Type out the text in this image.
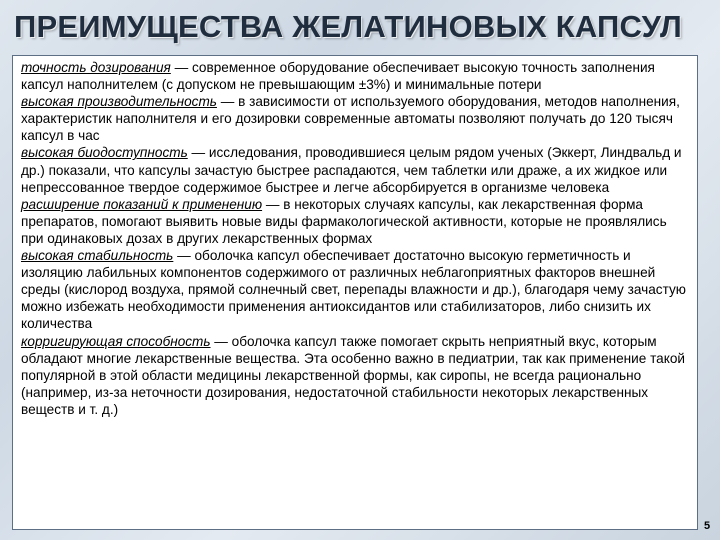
ПРЕИМУЩЕСТВА ЖЕЛАТИНОВЫХ КАПСУЛ

точность дозирования — современное оборудование обеспечивает высокую точность заполнения капсул наполнителем (с допуском не превышающим ±3%) и минимальные потери

высокая производительность — в зависимости от используемого оборудования, методов наполнения, характеристик наполнителя и его дозировки современные автоматы позволяют получать до 120 тысяч капсул в час

высокая биодоступность — исследования, проводившиеся целым рядом ученых (Эккерт, Линдвальд и др.) показали, что капсулы зачастую быстрее распадаются, чем таблетки или драже, а их жидкое или непрессованное твердое содержимое быстрее и легче абсорбируется в организме человека

расширение показаний к применению — в некоторых случаях капсулы, как лекарственная форма препаратов, помогают выявить новые виды фармакологической активности, которые не проявлялись при одинаковых дозах в других лекарственных формах

высокая стабильность — оболочка капсул обеспечивает достаточно высокую герметичность и изоляцию лабильных компонентов содержимого от различных неблагоприятных факторов внешней среды (кислород воздуха, прямой солнечный свет, перепады влажности и др.), благодаря чему зачастую можно избежать необходимости применения антиоксидантов или стабилизаторов, либо снизить их количества

корригирующая способность — оболочка капсул также помогает скрыть неприятный вкус, которым обладают многие лекарственные вещества. Эта особенно важно в педиатрии, так как применение такой популярной в этой области медицины лекарственной формы, как сиропы, не всегда рационально (например, из-за неточности дозирования, недостаточной стабильности некоторых лекарственных веществ и т. д.)

5
